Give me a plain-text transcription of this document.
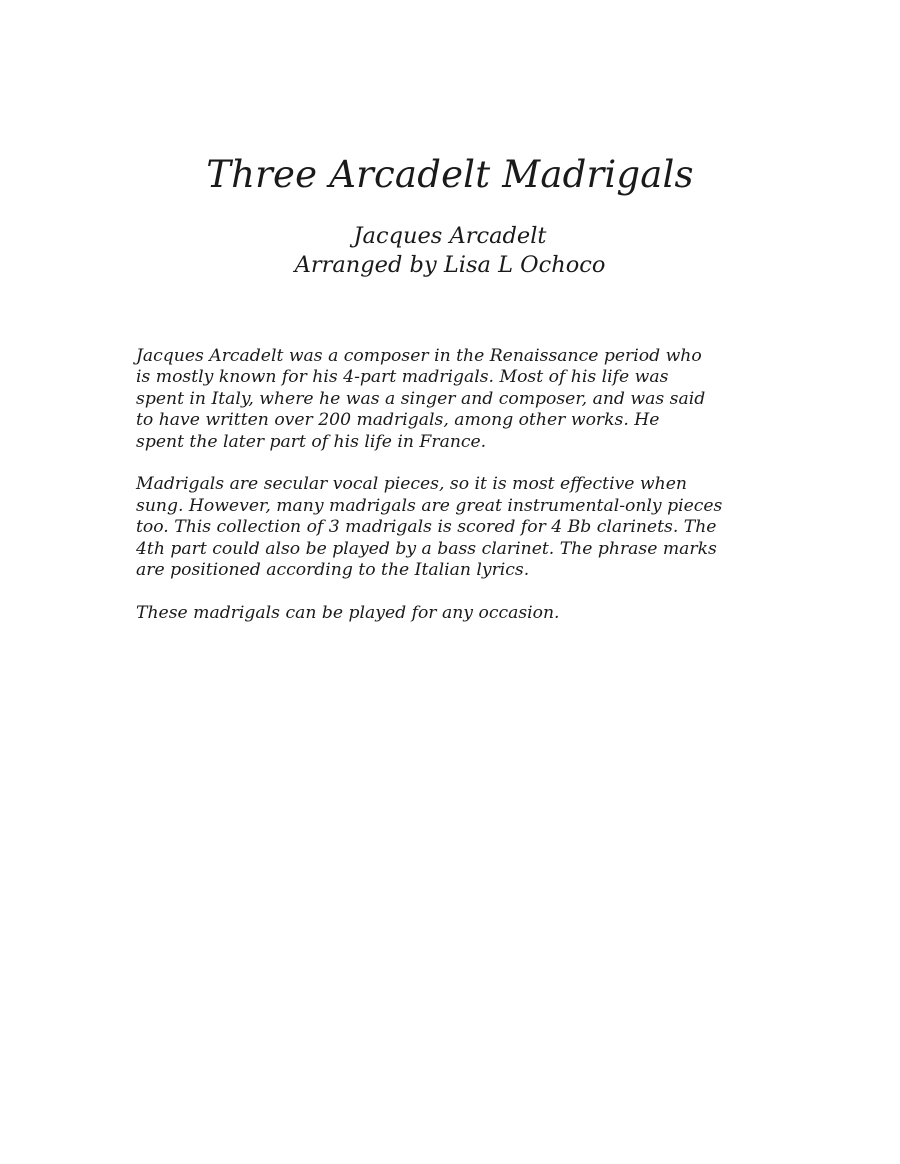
Three Arcadelt Madrigals
Jacques Arcadelt
Arranged by Lisa L Ochoco
Jacques Arcadelt was a composer in the Renaissance period who
is mostly known for his 4-part madrigals. Most of his life was
spent in Italy, where he was a singer and composer, and was said
to have written over 200 madrigals, among other works. He
spent the later part of his life in France.
Madrigals are secular vocal pieces, so it is most effective when
sung. However, many madrigals are great instrumental-only pieces
too. This collection of 3 madrigals is scored for 4 Bb clarinets. The
4th part could also be played by a bass clarinet. The phrase marks
are positioned according to the Italian lyrics.
These madrigals can be played for any occasion.
